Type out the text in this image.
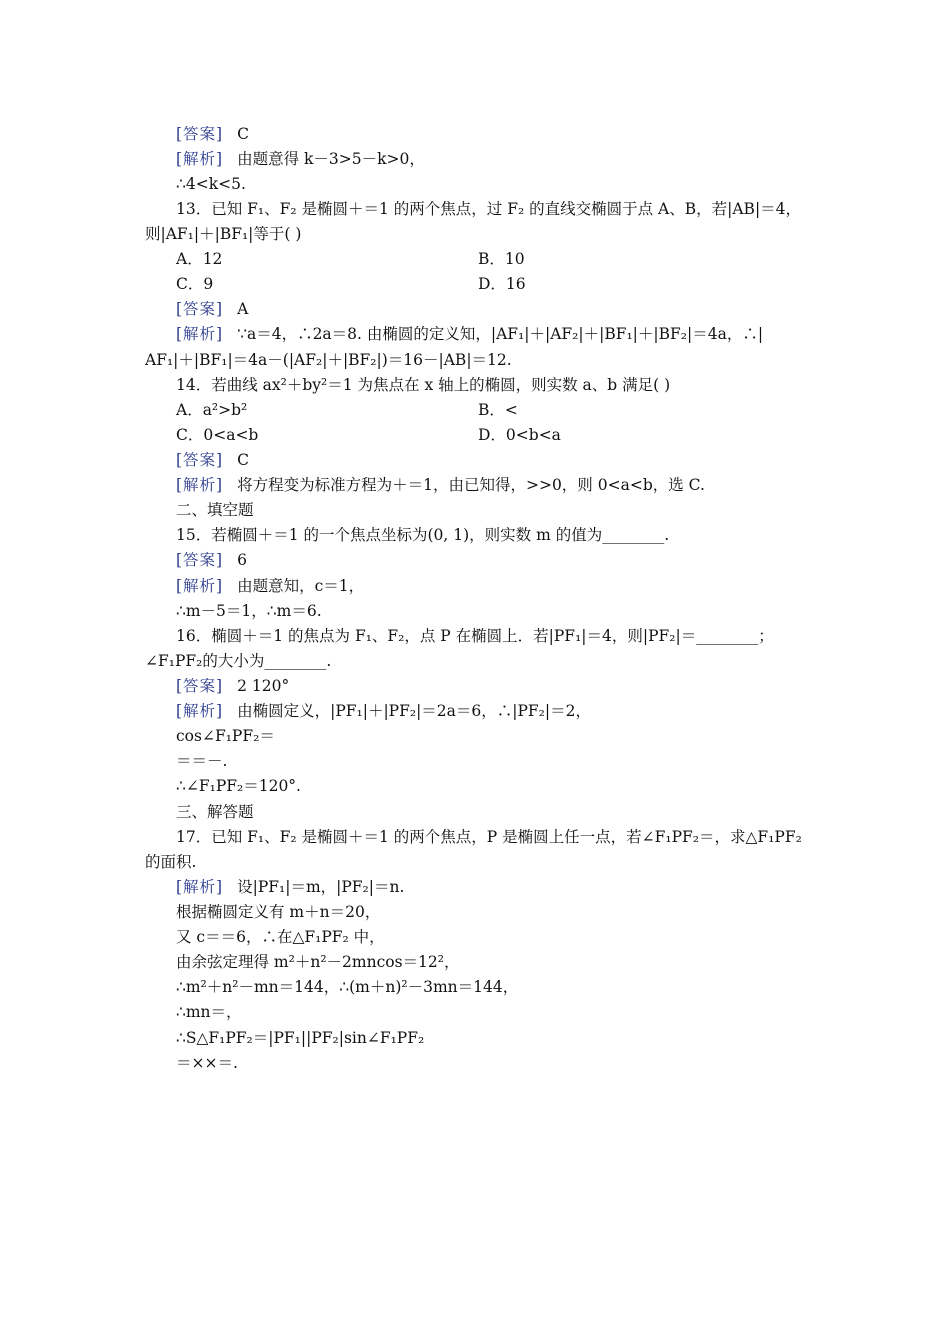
[答案] C
[解析] 由题意得 k－3>5－k>0，
∴4<k<5.
13．已知 F₁、F₂ 是椭圆＋＝1 的两个焦点，过 F₂ 的直线交椭圆于点 A、B，若|AB|＝4，
则|AF₁|＋|BF₁|等于( )
A．12	B．10
C．9	D．16
[答案] A
[解析] ∵a＝4，∴2a＝8. 由椭圆的定义知，|AF₁|＋|AF₂|＋|BF₁|＋|BF₂|＝4a，∴|
AF₁|＋|BF₁|＝4a－(|AF₂|＋|BF₂|)＝16－|AB|＝12.
14．若曲线 ax²＋by²＝1 为焦点在 x 轴上的椭圆，则实数 a、b 满足( )
A．a²>b²	B．<
C．0<a<b	D．0<b<a
[答案] C
[解析] 将方程变为标准方程为＋＝1，由已知得，>>0，则 0<a<b，选 C.
二、填空题
15．若椭圆＋＝1 的一个焦点坐标为(0, 1)，则实数 m 的值为________.
[答案] 6
[解析] 由题意知，c＝1，
∴m－5＝1，∴m＝6.
16．椭圆＋＝1 的焦点为 F₁、F₂，点 P 在椭圆上．若|PF₁|＝4，则|PF₂|＝________；
∠F₁PF₂的大小为________.
[答案] 2 120°
[解析] 由椭圆定义，|PF₁|＋|PF₂|＝2a＝6，∴|PF₂|＝2，
cos∠F₁PF₂＝
＝＝－.
∴∠F₁PF₂＝120°.
三、解答题
17．已知 F₁、F₂ 是椭圆＋＝1 的两个焦点，P 是椭圆上任一点，若∠F₁PF₂＝，求△F₁PF₂
的面积.
[解析] 设|PF₁|＝m，|PF₂|＝n.
根据椭圆定义有 m＋n＝20，
又 c＝＝6，∴在△F₁PF₂ 中，
由余弦定理得 m²＋n²－2mncos＝12²，
∴m²＋n²－mn＝144，∴(m＋n)²－3mn＝144，
∴mn＝，
∴S△F₁PF₂＝|PF₁||PF₂|sin∠F₁PF₂
＝××＝.
